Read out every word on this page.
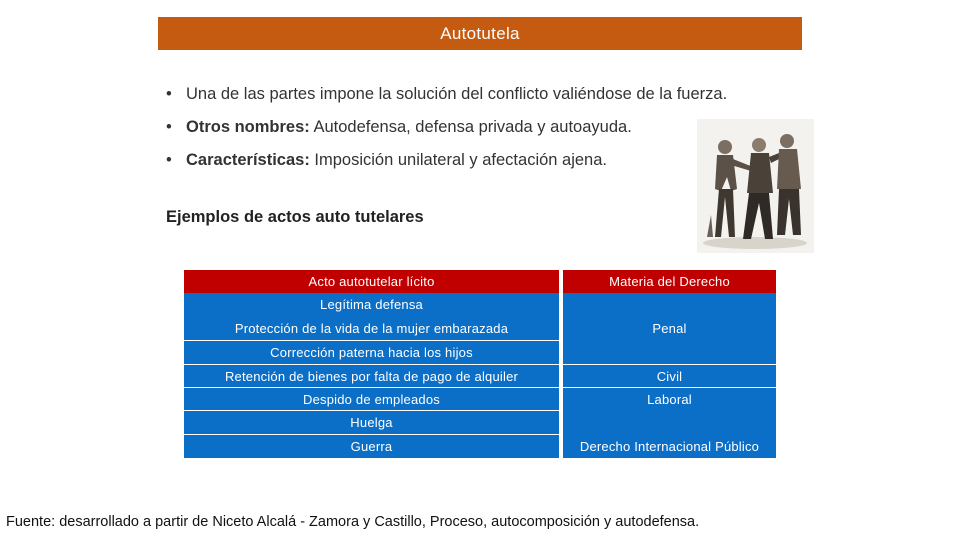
Autotutela
• Una de las partes impone la solución del conflicto valiéndose de la fuerza.
• Otros nombres: Autodefensa, defensa privada y autoayuda.
• Características: Imposición unilateral y afectación ajena.
Ejemplos de actos auto tutelares
Acto autotutelar lícito	Materia del Derecho
Legítima defensa
Protección de la vida de la mujer embarazada
Corrección paterna hacia los hijos
Retención de bienes por falta de pago de alquiler
Despido de empleados
Huelga
Guerra
Penal
Civil
Laboral
Derecho Internacional Público
Fuente: desarrollado a partir de Niceto Alcalá - Zamora y Castillo, Proceso, autocomposición y autodefensa.
